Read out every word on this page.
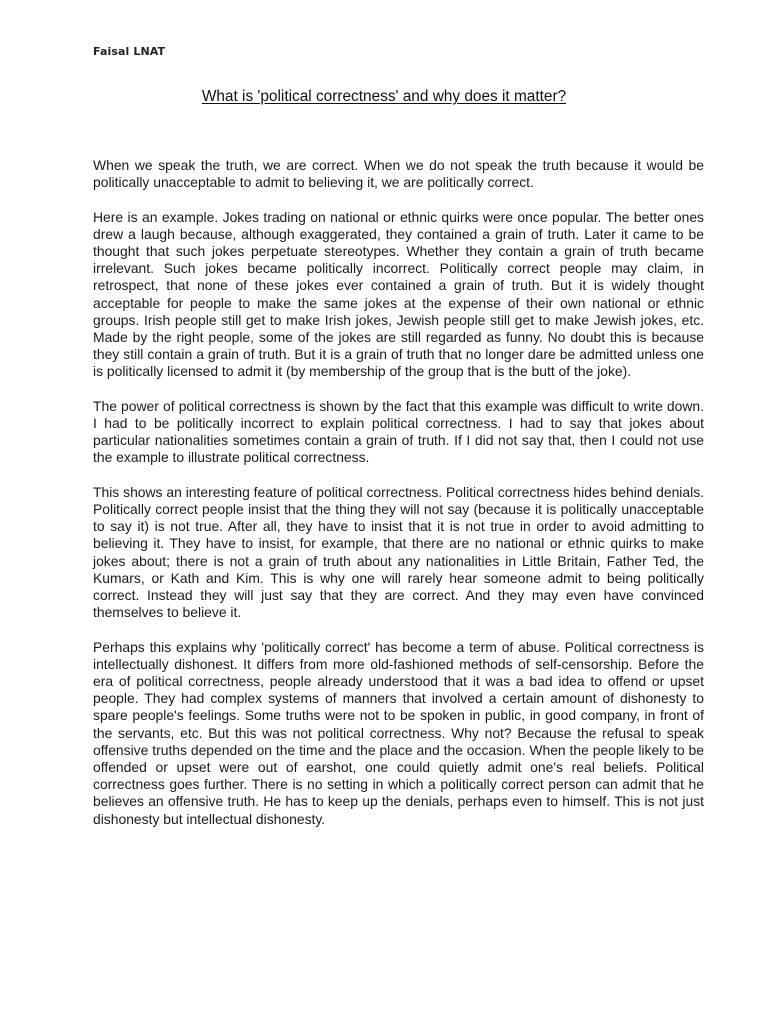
Faisal LNAT
What is 'political correctness' and why does it matter?

When we speak the truth, we are correct. When we do not speak the truth because it would be politically unacceptable to admit to believing it, we are politically correct.

Here is an example. Jokes trading on national or ethnic quirks were once popular. The better ones drew a laugh because, although exaggerated, they contained a grain of truth. Later it came to be thought that such jokes perpetuate stereotypes. Whether they contain a grain of truth became irrelevant. Such jokes became politically incorrect. Politically correct people may claim, in retrospect, that none of these jokes ever contained a grain of truth. But it is widely thought acceptable for people to make the same jokes at the expense of their own national or ethnic groups. Irish people still get to make Irish jokes, Jewish people still get to make Jewish jokes, etc. Made by the right people, some of the jokes are still regarded as funny. No doubt this is because they still contain a grain of truth. But it is a grain of truth that no longer dare be admitted unless one is politically licensed to admit it (by membership of the group that is the butt of the joke).

The power of political correctness is shown by the fact that this example was difficult to write down. I had to be politically incorrect to explain political correctness. I had to say that jokes about particular nationalities sometimes contain a grain of truth. If I did not say that, then I could not use the example to illustrate political correctness.

This shows an interesting feature of political correctness. Political correctness hides behind denials. Politically correct people insist that the thing they will not say (because it is politically unacceptable to say it) is not true. After all, they have to insist that it is not true in order to avoid admitting to believing it. They have to insist, for example, that there are no national or ethnic quirks to make jokes about; there is not a grain of truth about any nationalities in Little Britain, Father Ted, the Kumars, or Kath and Kim. This is why one will rarely hear someone admit to being politically correct. Instead they will just say that they are correct. And they may even have convinced themselves to believe it.

Perhaps this explains why 'politically correct' has become a term of abuse. Political correctness is intellectually dishonest. It differs from more old-fashioned methods of self-censorship. Before the era of political correctness, people already understood that it was a bad idea to offend or upset people. They had complex systems of manners that involved a certain amount of dishonesty to spare people's feelings. Some truths were not to be spoken in public, in good company, in front of the servants, etc. But this was not political correctness. Why not? Because the refusal to speak offensive truths depended on the time and the place and the occasion. When the people likely to be offended or upset were out of earshot, one could quietly admit one's real beliefs. Political correctness goes further. There is no setting in which a politically correct person can admit that he believes an offensive truth. He has to keep up the denials, perhaps even to himself. This is not just dishonesty but intellectual dishonesty.
